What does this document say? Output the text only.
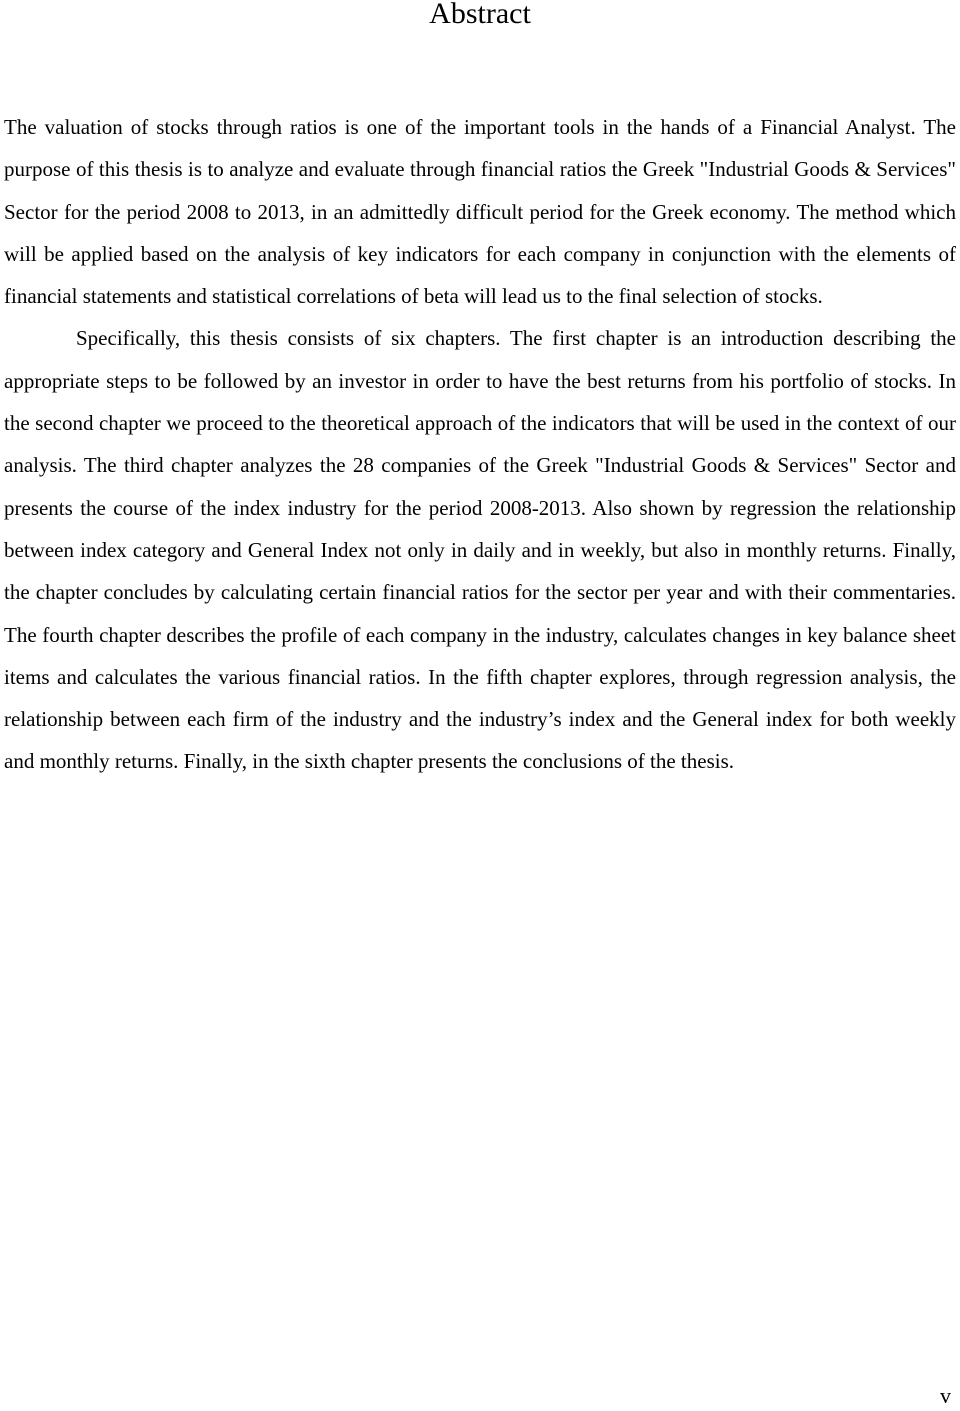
Abstract

The valuation of stocks through ratios is one of the important tools in the hands of a Financial Analyst. The purpose of this thesis is to analyze and evaluate through financial ratios the Greek "Industrial Goods & Services" Sector for the period 2008 to 2013, in an admittedly difficult period for the Greek economy. The method which will be applied based on the analysis of key indicators for each company in conjunction with the elements of financial statements and statistical correlations of beta will lead us to the final selection of stocks.

Specifically, this thesis consists of six chapters. The first chapter is an introduction describing the appropriate steps to be followed by an investor in order to have the best returns from his portfolio of stocks. In the second chapter we proceed to the theoretical approach of the indicators that will be used in the context of our analysis. The third chapter analyzes the 28 companies of the Greek "Industrial Goods & Services" Sector and presents the course of the index industry for the period 2008-2013. Also shown by regression the relationship between index category and General Index not only in daily and in weekly, but also in monthly returns. Finally, the chapter concludes by calculating certain financial ratios for the sector per year and with their commentaries. The fourth chapter describes the profile of each company in the industry, calculates changes in key balance sheet items and calculates the various financial ratios. In the fifth chapter explores, through regression analysis, the relationship between each firm of the industry and the industry’s index and the General index for both weekly and monthly returns. Finally, in the sixth chapter presents the conclusions of the thesis.

v
